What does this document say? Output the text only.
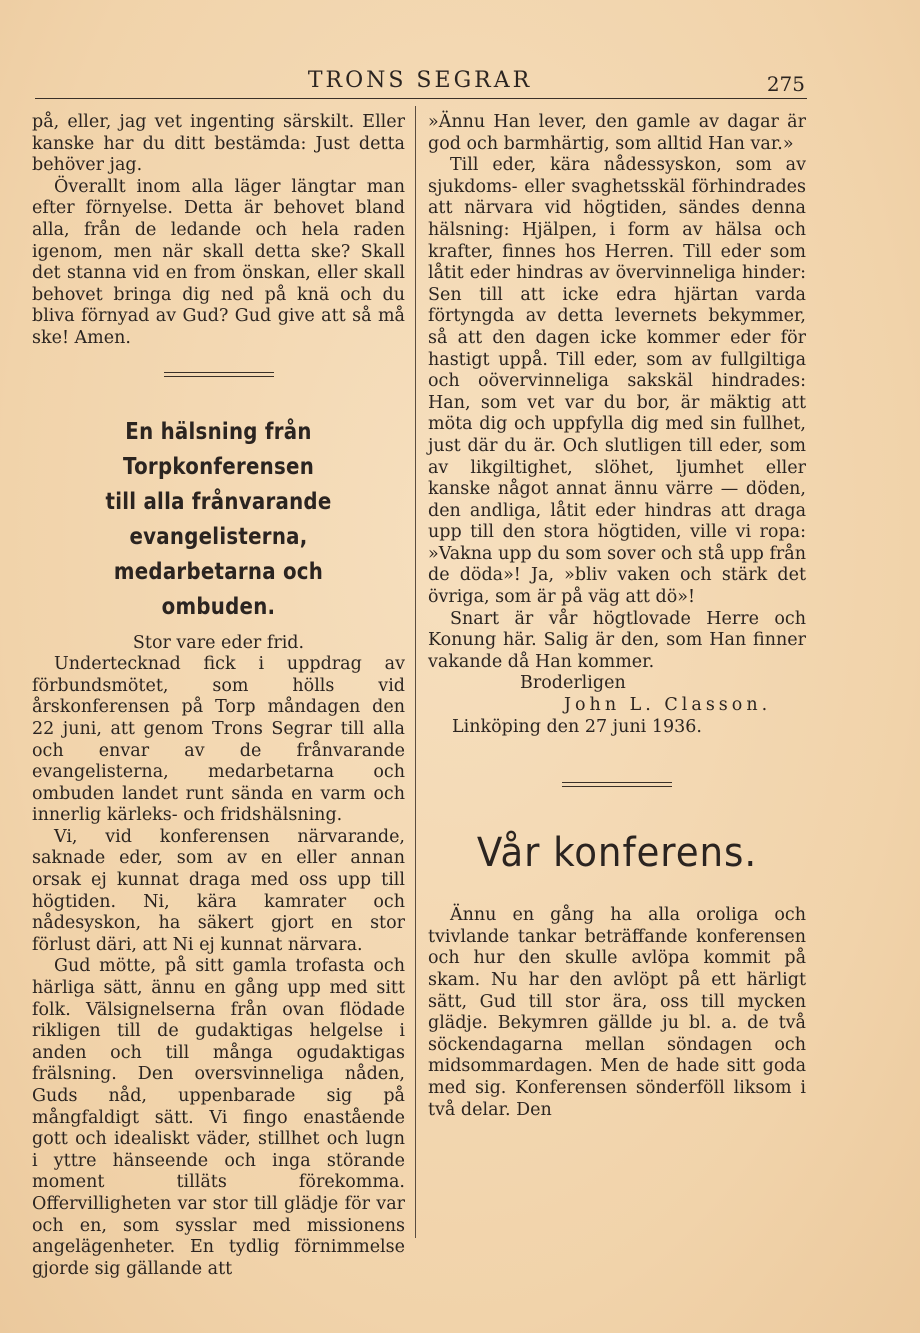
TRONS SEGRAR	275

på, eller, jag vet ingenting särskilt. Eller kanske har du ditt bestämda: Just detta behöver jag.

Överallt inom alla läger längtar man efter förnyelse. Detta är behovet bland alla, från de ledande och hela raden igenom, men när skall detta ske? Skall det stanna vid en from önskan, eller skall behovet bringa dig ned på knä och du bliva förnyad av Gud? Gud give att så må ske! Amen.

En hälsning från Torpkonferensen
till alla frånvarande evangelisterna,
medarbetarna och ombuden.

Stor vare eder frid.

Undertecknad fick i uppdrag av förbundsmötet, som hölls vid årskonferensen på Torp måndagen den 22 juni, att genom Trons Segrar till alla och envar av de frånvarande evangelisterna, medarbetarna och ombuden landet runt sända en varm och innerlig kärleks- och fridshälsning.

Vi, vid konferensen närvarande, saknade eder, som av en eller annan orsak ej kunnat draga med oss upp till högtiden. Ni, kära kamrater och nådesyskon, ha säkert gjort en stor förlust däri, att Ni ej kunnat närvara.

Gud mötte, på sitt gamla trofasta och härliga sätt, ännu en gång upp med sitt folk. Välsignelserna från ovan flödade rikligen till de gudaktigas helgelse i anden och till många ogudaktigas frälsning. Den oversvinneliga nåden, Guds nåd, uppenbarade sig på mångfaldigt sätt. Vi fingo enastående gott och idealiskt väder, stillhet och lugn i yttre hänseende och inga störande moment tilläts förekomma. Offervilligheten var stor till glädje för var och en, som sysslar med missionens angelägenheter. En tydlig förnimmelse gjorde sig gällande att

»Ännu Han lever, den gamle av dagar är god och barmhärtig, som alltid Han var.»

Till eder, kära nådessyskon, som av sjukdoms- eller svaghetsskäl förhindrades att närvara vid högtiden, sändes denna hälsning: Hjälpen, i form av hälsa och krafter, finnes hos Herren. Till eder som låtit eder hindras av övervinneliga hinder: Sen till att icke edra hjärtan varda förtyngda av detta levernets bekymmer, så att den dagen icke kommer eder för hastigt uppå. Till eder, som av fullgiltiga och oövervinneliga sakskäl hindrades: Han, som vet var du bor, är mäktig att möta dig och uppfylla dig med sin fullhet, just där du är. Och slutligen till eder, som av likgiltighet, slöhet, ljumhet eller kanske något annat ännu värre — döden, den andliga, låtit eder hindras att draga upp till den stora högtiden, ville vi ropa: »Vakna upp du som sover och stå upp från de döda»! Ja, »bliv vaken och stärk det övriga, som är på väg att dö»!

Snart är vår högtlovade Herre och Konung här. Salig är den, som Han finner vakande då Han kommer.

Broderligen

John L. Classon.

Linköping den 27 juni 1936.

Vår konferens.

Ännu en gång ha alla oroliga och tvivlande tankar beträffande konferensen och hur den skulle avlöpa kommit på skam. Nu har den avlöpt på ett härligt sätt, Gud till stor ära, oss till mycken glädje. Bekymren gällde ju bl. a. de två söckendagarna mellan söndagen och midsommardagen. Men de hade sitt goda med sig. Konferensen sönderföll liksom i två delar. Den
